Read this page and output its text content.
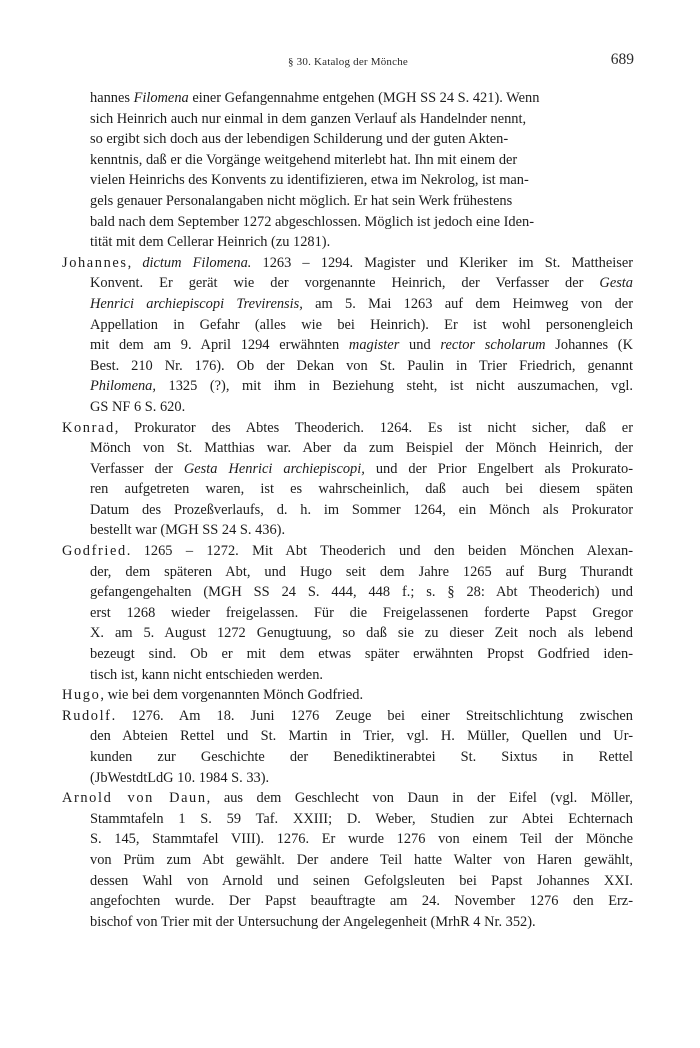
§ 30. Katalog der Mönche	689
hannes Filomena einer Gefangennahme entgehen (MGH SS 24 S. 421). Wenn
sich Heinrich auch nur einmal in dem ganzen Verlauf als Handelnder nennt,
so ergibt sich doch aus der lebendigen Schilderung und der guten Akten-
kenntnis, daß er die Vorgänge weitgehend miterlebt hat. Ihn mit einem der
vielen Heinrichs des Konvents zu identifizieren, etwa im Nekrolog, ist man-
gels genauer Personalangaben nicht möglich. Er hat sein Werk frühestens
bald nach dem September 1272 abgeschlossen. Möglich ist jedoch eine Iden-
tität mit dem Cellerar Heinrich (zu 1281).
Johannes, dictum Filomena. 1263 – 1294. Magister und Kleriker im St. Mattheiser
Konvent. Er gerät wie der vorgenannte Heinrich, der Verfasser der Gesta
Henrici archiepiscopi Trevirensis, am 5. Mai 1263 auf dem Heimweg von der
Appellation in Gefahr (alles wie bei Heinrich). Er ist wohl personengleich
mit dem am 9. April 1294 erwähnten magister und rector scholarum Johannes (K
Best. 210 Nr. 176). Ob der Dekan von St. Paulin in Trier Friedrich, genannt
Philomena, 1325 (?), mit ihm in Beziehung steht, ist nicht auszumachen, vgl.
GS NF 6 S. 620.
Konrad, Prokurator des Abtes Theoderich. 1264. Es ist nicht sicher, daß er
Mönch von St. Matthias war. Aber da zum Beispiel der Mönch Heinrich, der
Verfasser der Gesta Henrici archiepiscopi, und der Prior Engelbert als Prokurato-
ren aufgetreten waren, ist es wahrscheinlich, daß auch bei diesem späten
Datum des Prozeßverlaufs, d. h. im Sommer 1264, ein Mönch als Prokurator
bestellt war (MGH SS 24 S. 436).
Godfried. 1265 – 1272. Mit Abt Theoderich und den beiden Mönchen Alexan-
der, dem späteren Abt, und Hugo seit dem Jahre 1265 auf Burg Thurandt
gefangengehalten (MGH SS 24 S. 444, 448 f.; s. § 28: Abt Theoderich) und
erst 1268 wieder freigelassen. Für die Freigelassenen forderte Papst Gregor
X. am 5. August 1272 Genugtuung, so daß sie zu dieser Zeit noch als lebend
bezeugt sind. Ob er mit dem etwas später erwähnten Propst Godfried iden-
tisch ist, kann nicht entschieden werden.
Hugo, wie bei dem vorgenannten Mönch Godfried.
Rudolf. 1276. Am 18. Juni 1276 Zeuge bei einer Streitschlichtung zwischen
den Abteien Rettel und St. Martin in Trier, vgl. H. Müller, Quellen und Ur-
kunden zur Geschichte der Benediktinerabtei St. Sixtus in Rettel
(JbWestdtLdG 10. 1984 S. 33).
Arnold von Daun, aus dem Geschlecht von Daun in der Eifel (vgl. Möller,
Stammtafeln 1 S. 59 Taf. XXIII; D. Weber, Studien zur Abtei Echternach
S. 145, Stammtafel VIII). 1276. Er wurde 1276 von einem Teil der Mönche
von Prüm zum Abt gewählt. Der andere Teil hatte Walter von Haren gewählt,
dessen Wahl von Arnold und seinen Gefolgsleuten bei Papst Johannes XXI.
angefochten wurde. Der Papst beauftragte am 24. November 1276 den Erz-
bischof von Trier mit der Untersuchung der Angelegenheit (MrhR 4 Nr. 352).
